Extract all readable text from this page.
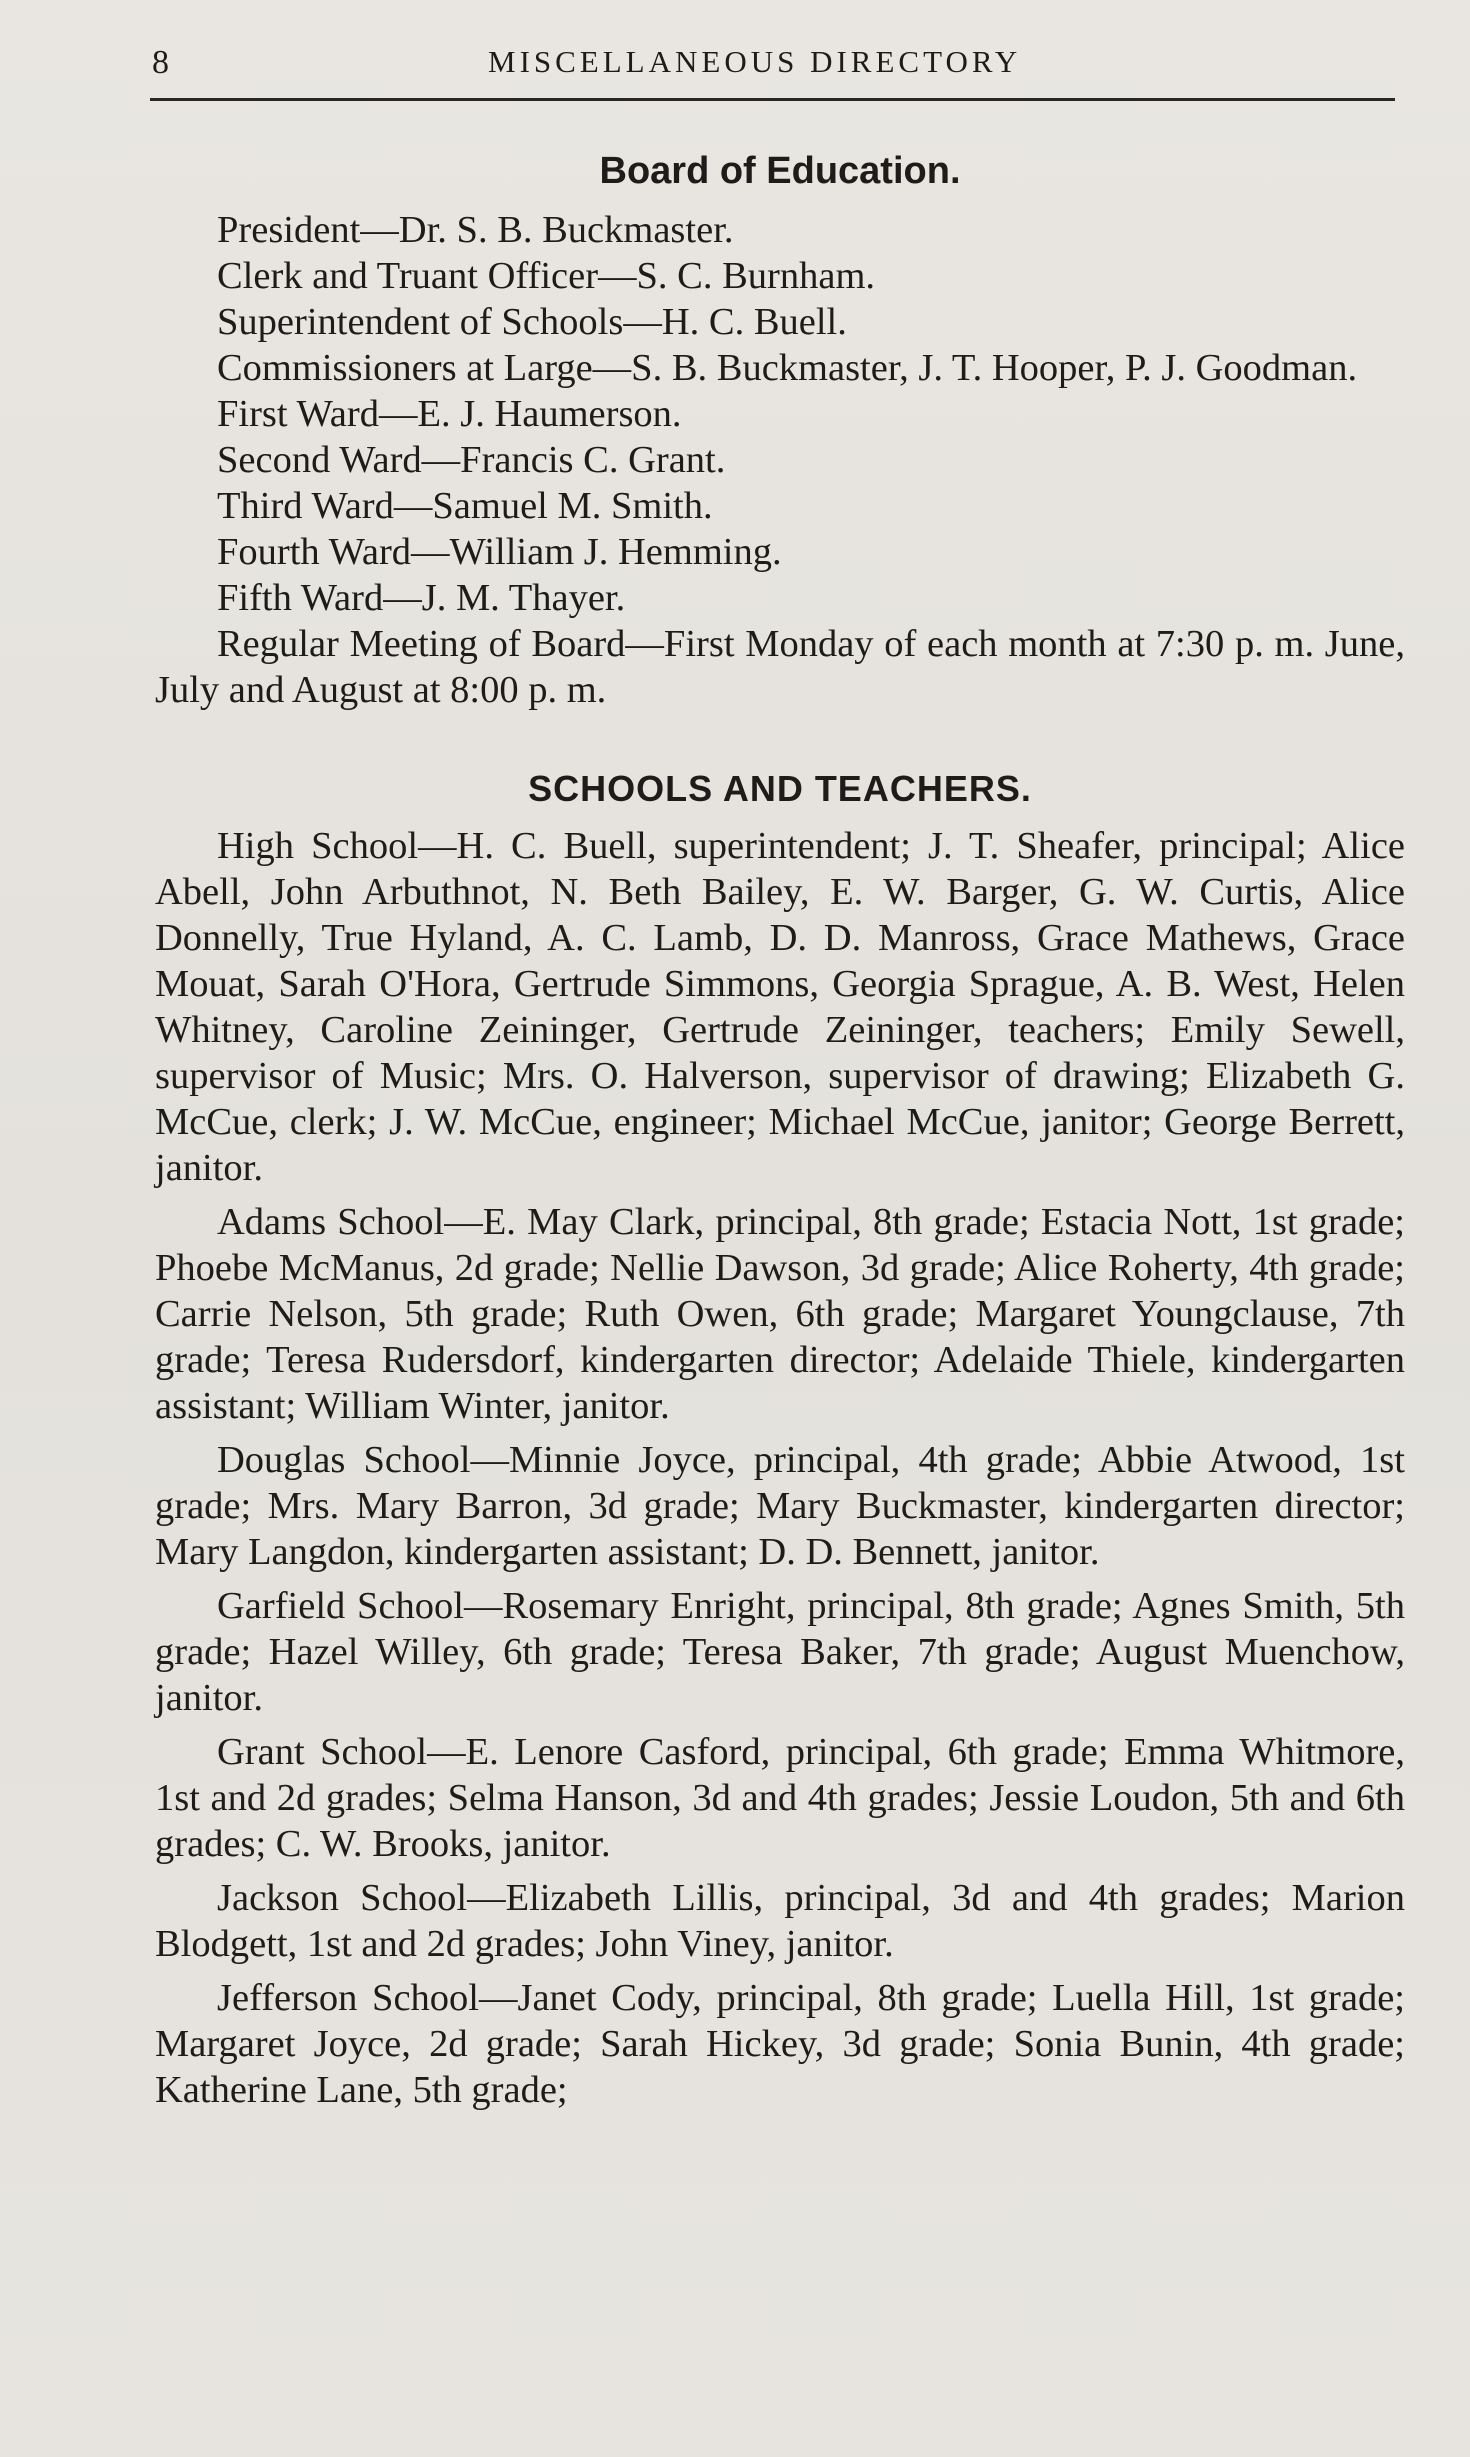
8	MISCELLANEOUS DIRECTORY
Board of Education.

President—Dr. S. B. Buckmaster.

Clerk and Truant Officer—S. C. Burnham.

Superintendent of Schools—H. C. Buell.

Commissioners at Large—S. B. Buckmaster, J. T. Hooper, P. J. Goodman.

First Ward—E. J. Haumerson.

Second Ward—Francis C. Grant.

Third Ward—Samuel M. Smith.

Fourth Ward—William J. Hemming.

Fifth Ward—J. M. Thayer.

Regular Meeting of Board—First Monday of each month at 7:30 p. m. June, July and August at 8:00 p. m.

SCHOOLS AND TEACHERS.

High School—H. C. Buell, superintendent; J. T. Sheafer, principal; Alice Abell, John Arbuthnot, N. Beth Bailey, E. W. Barger, G. W. Curtis, Alice Donnelly, True Hyland, A. C. Lamb, D. D. Manross, Grace Mathews, Grace Mouat, Sarah O'Hora, Gertrude Simmons, Georgia Sprague, A. B. West, Helen Whitney, Caroline Zeininger, Gertrude Zeininger, teachers; Emily Sewell, supervisor of Music; Mrs. O. Halverson, supervisor of drawing; Elizabeth G. McCue, clerk; J. W. McCue, engineer; Michael McCue, janitor; George Berrett, janitor.

Adams School—E. May Clark, principal, 8th grade; Estacia Nott, 1st grade; Phoebe McManus, 2d grade; Nellie Dawson, 3d grade; Alice Roherty, 4th grade; Carrie Nelson, 5th grade; Ruth Owen, 6th grade; Margaret Youngclause, 7th grade; Teresa Rudersdorf, kindergarten director; Adelaide Thiele, kindergarten assistant; William Winter, janitor.

Douglas School—Minnie Joyce, principal, 4th grade; Abbie Atwood, 1st grade; Mrs. Mary Barron, 3d grade; Mary Buckmaster, kindergarten director; Mary Langdon, kindergarten assistant; D. D. Bennett, janitor.

Garfield School—Rosemary Enright, principal, 8th grade; Agnes Smith, 5th grade; Hazel Willey, 6th grade; Teresa Baker, 7th grade; August Muenchow, janitor.

Grant School—E. Lenore Casford, principal, 6th grade; Emma Whitmore, 1st and 2d grades; Selma Hanson, 3d and 4th grades; Jessie Loudon, 5th and 6th grades; C. W. Brooks, janitor.

Jackson School—Elizabeth Lillis, principal, 3d and 4th grades; Marion Blodgett, 1st and 2d grades; John Viney, janitor.

Jefferson School—Janet Cody, principal, 8th grade; Luella Hill, 1st grade; Margaret Joyce, 2d grade; Sarah Hickey, 3d grade; Sonia Bunin, 4th grade; Katherine Lane, 5th grade;
